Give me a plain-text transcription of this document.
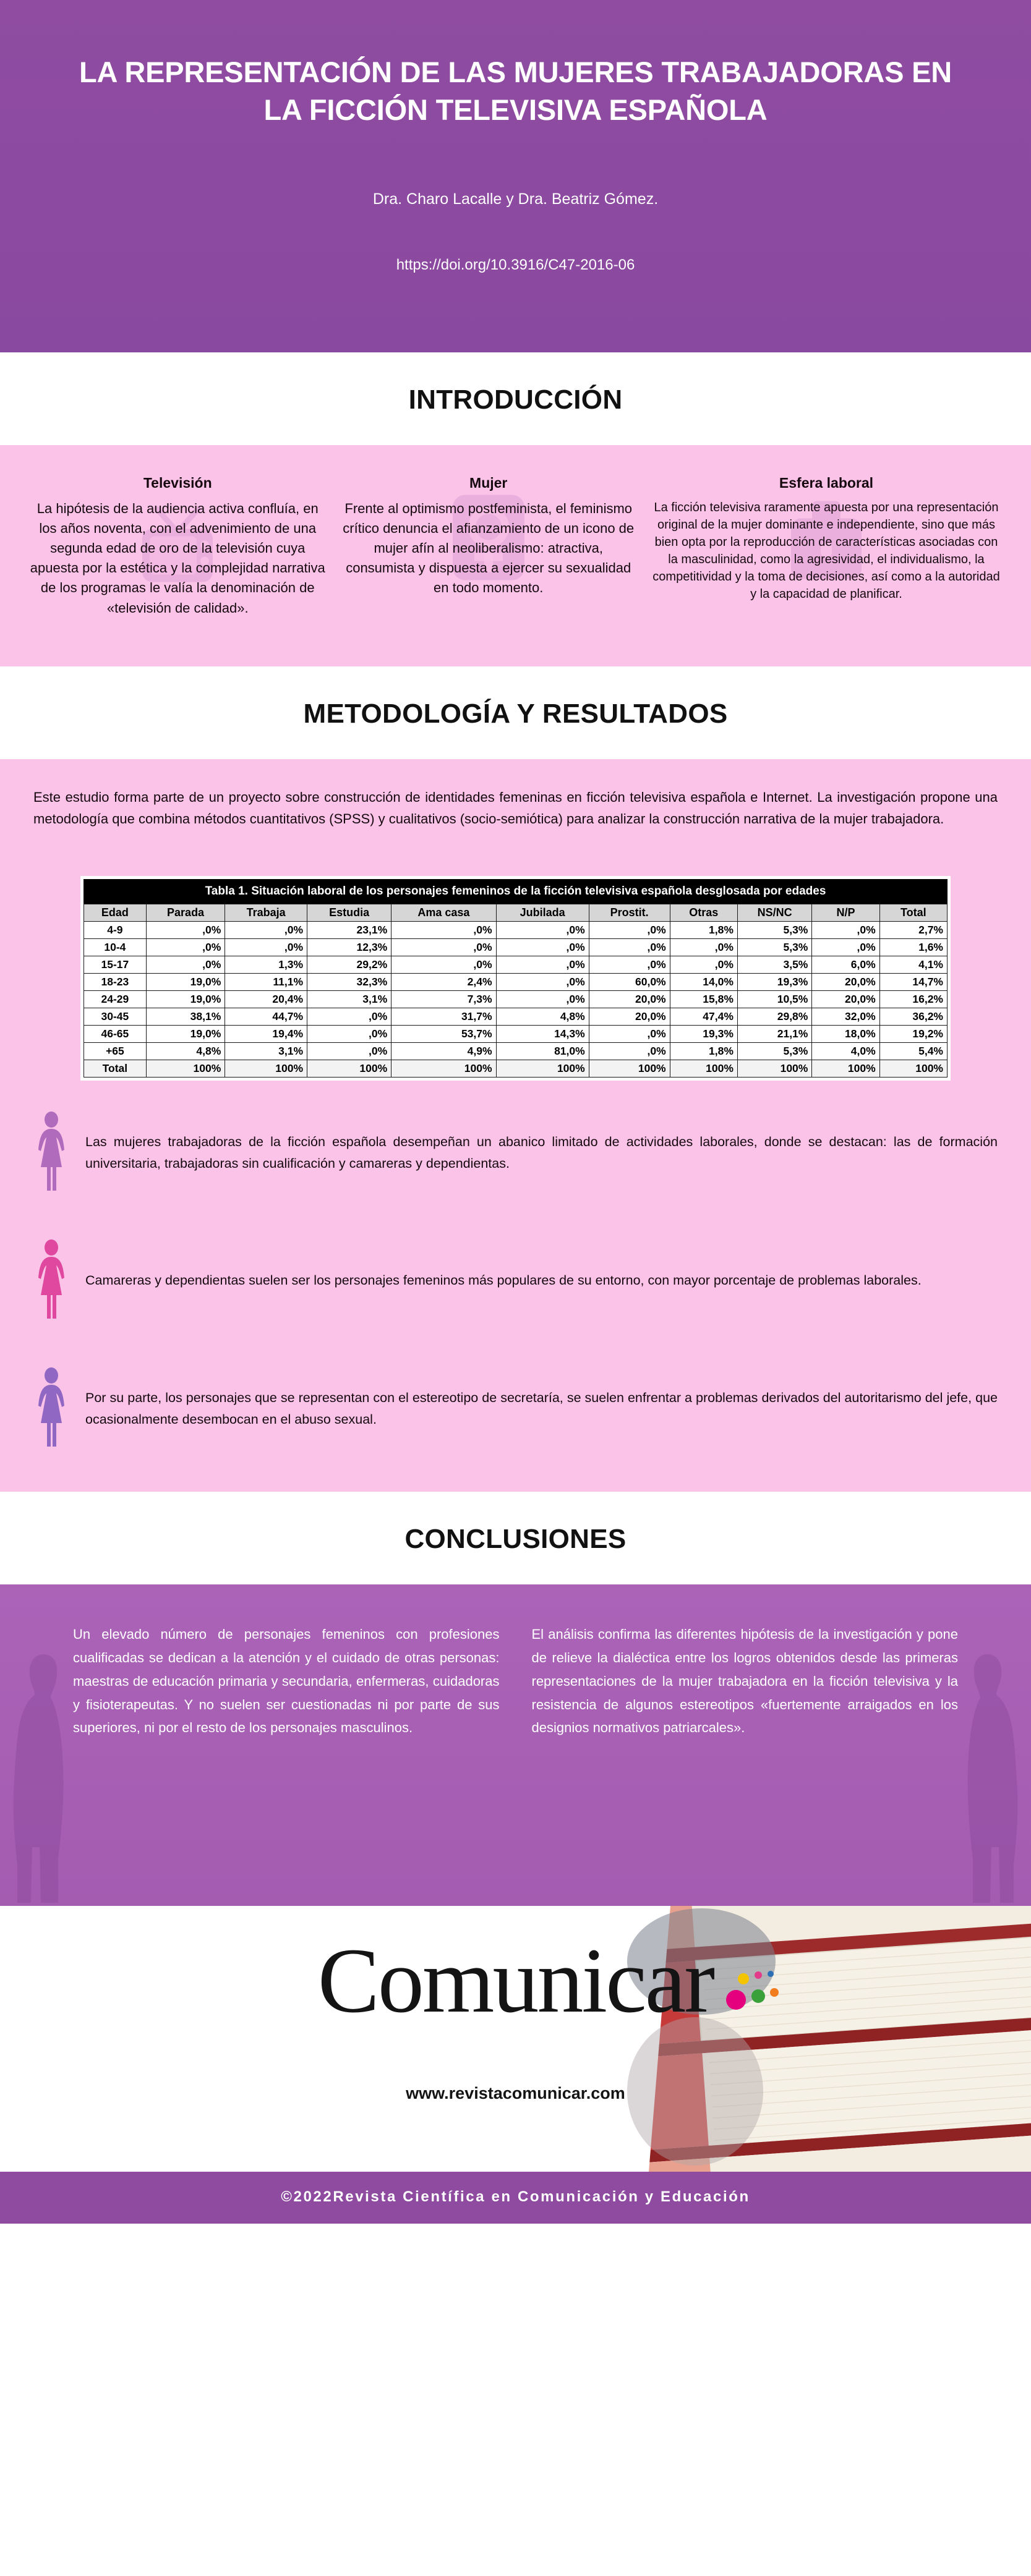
LA REPRESENTACIÓN DE LAS MUJERES TRABAJADORAS EN LA FICCIÓN TELEVISIVA ESPAÑOLA
Dra. Charo Lacalle y Dra. Beatriz Gómez.
https://doi.org/10.3916/C47-2016-06
INTRODUCCIÓN
Televisión

La hipótesis de la audiencia activa confluía, en los años noventa, con el advenimiento de una segunda edad de oro de la televisión cuya apuesta por la estética y la complejidad narrativa de los programas le valía la denominación de «televisión de calidad».

Mujer

Frente al optimismo postfeminista, el feminismo crítico denuncia el afianzamiento de un icono de mujer afín al neoliberalismo: atractiva, consumista y dispuesta a ejercer su sexualidad en todo momento.

Esfera laboral

La ficción televisiva raramente apuesta por una representación original de la mujer dominante e independiente, sino que más bien opta por la reproducción de características asociadas con la masculinidad, como la agresividad, el individualismo, la competitividad y la toma de decisiones, así como a la autoridad y la capacidad de planificar.

METODOLOGÍA Y RESULTADOS

Este estudio forma parte de un proyecto sobre construcción de identidades femeninas en ficción televisiva española e Internet. La investigación propone una metodología que combina métodos cuantitativos (SPSS) y cualitativos (socio-semiótica) para analizar la construcción narrativa de la mujer trabajadora.

Tabla 1. Situación laboral de los personajes femeninos de la ficción televisiva española desglosada por edades
Edad	Parada	Trabaja	Estudia	Ama casa	Jubilada	Prostit.	Otras	NS/NC	N/P	Total
4-9	,0%	,0%	23,1%	,0%	,0%	,0%	1,8%	5,3%	,0%	2,7%
10-4	,0%	,0%	12,3%	,0%	,0%	,0%	,0%	5,3%	,0%	1,6%
15-17	,0%	1,3%	29,2%	,0%	,0%	,0%	,0%	3,5%	6,0%	4,1%
18-23	19,0%	11,1%	32,3%	2,4%	,0%	60,0%	14,0%	19,3%	20,0%	14,7%
24-29	19,0%	20,4%	3,1%	7,3%	,0%	20,0%	15,8%	10,5%	20,0%	16,2%
30-45	38,1%	44,7%	,0%	31,7%	4,8%	20,0%	47,4%	29,8%	32,0%	36,2%
46-65	19,0%	19,4%	,0%	53,7%	14,3%	,0%	19,3%	21,1%	18,0%	19,2%
+65	4,8%	3,1%	,0%	4,9%	81,0%	,0%	1,8%	5,3%	4,0%	5,4%
Total	100%	100%	100%	100%	100%	100%	100%	100%	100%	100%

Las mujeres trabajadoras de la ficción española desempeñan un abanico limitado de actividades laborales, donde se destacan: las de formación universitaria, trabajadoras sin cualificación y camareras y dependientas.

Camareras y dependientas suelen ser los personajes femeninos más populares de su entorno, con mayor porcentaje de problemas laborales.

Por su parte, los personajes que se representan con el estereotipo de secretaría, se suelen enfrentar a problemas derivados del autoritarismo del jefe, que ocasionalmente desembocan en el abuso sexual.

CONCLUSIONES

Un elevado número de personajes femeninos con profesiones cualificadas se dedican a la atención y el cuidado de otras personas: maestras de educación primaria y secundaria, enfermeras, cuidadoras y fisioterapeutas. Y no suelen ser cuestionadas ni por parte de sus superiores, ni por el resto de los personajes masculinos.

El análisis confirma las diferentes hipótesis de la investigación y pone de relieve la dialéctica entre los logros obtenidos desde las primeras representaciones de la mujer trabajadora en la ficción televisiva y la resistencia de algunos estereotipos «fuertemente arraigados en los designios normativos patriarcales».

Comunicar
www.revistacomunicar.com
©2022Revista Científica en Comunicación y Educación
